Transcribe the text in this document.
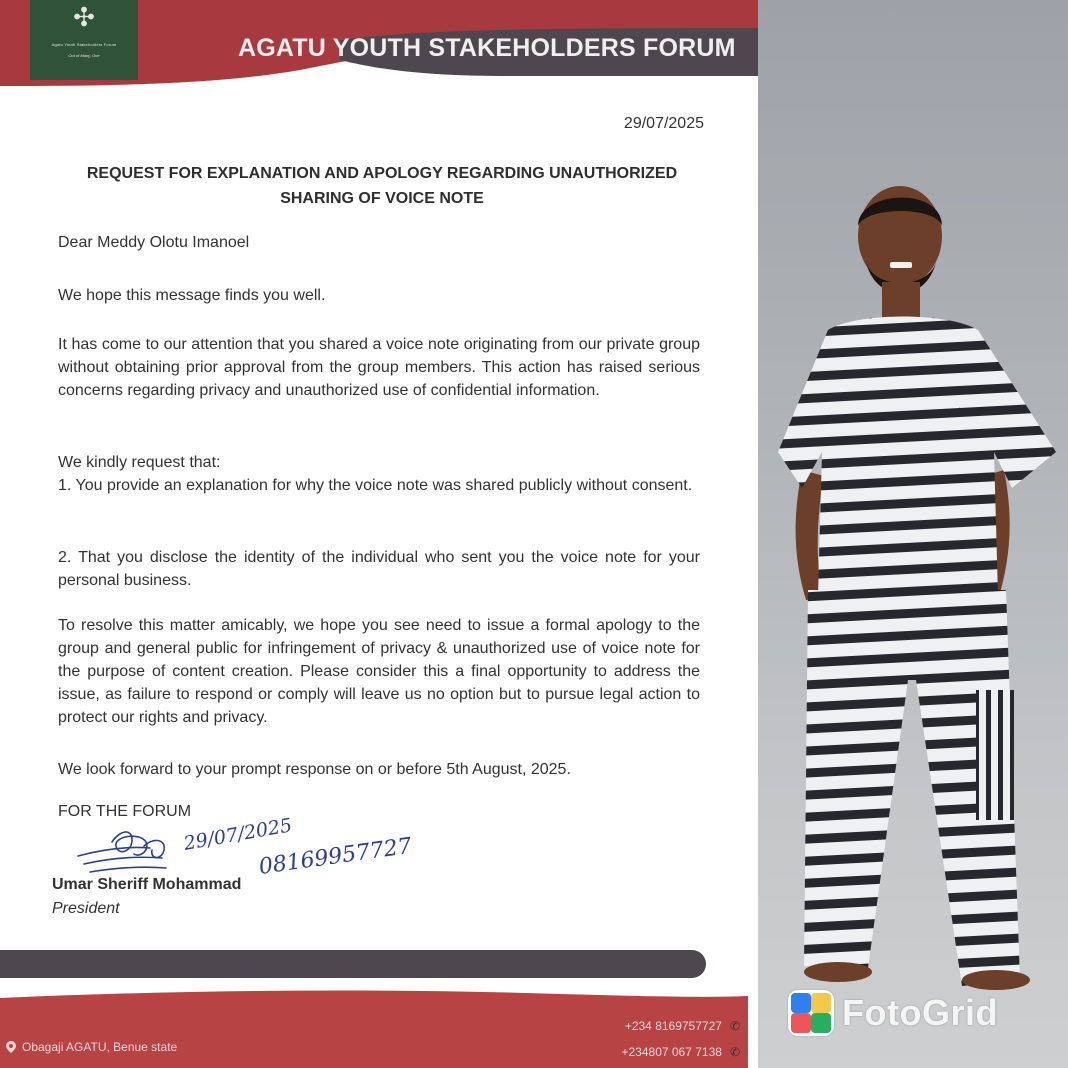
✣
Agatu Youth Stakeholders Forum
Out of Many, One	AGATU YOUTH STAKEHOLDERS FORUM
29/07/2025
REQUEST FOR EXPLANATION AND APOLOGY REGARDING UNAUTHORIZED
SHARING OF VOICE NOTE
Dear Meddy Olotu Imanoel
We hope this message finds you well.
It has come to our attention that you shared a voice note originating from our private group without obtaining prior approval from the group members. This action has raised serious concerns regarding privacy and unauthorized use of confidential information.
We kindly request that:
1. You provide an explanation for why the voice note was shared publicly without consent.
2. That you disclose the identity of the individual who sent you the voice note for your personal business.
To resolve this matter amicably, we hope you see need to issue a formal apology to the group and general public for infringement of privacy & unauthorized use of voice note for the purpose of content creation. Please consider this a final opportunity to address the issue, as failure to respond or comply will leave us no option but to pursue legal action to protect our rights and privacy.
We look forward to your prompt response on or before 5th August, 2025.
FOR THE FORUM
29/07/2025
08169957727
Umar Sheriff Mohammad
President
Obagaji AGATU, Benue state
+234 8169757727 ✆
+234807 067 7138 ✆
FotoGrid
